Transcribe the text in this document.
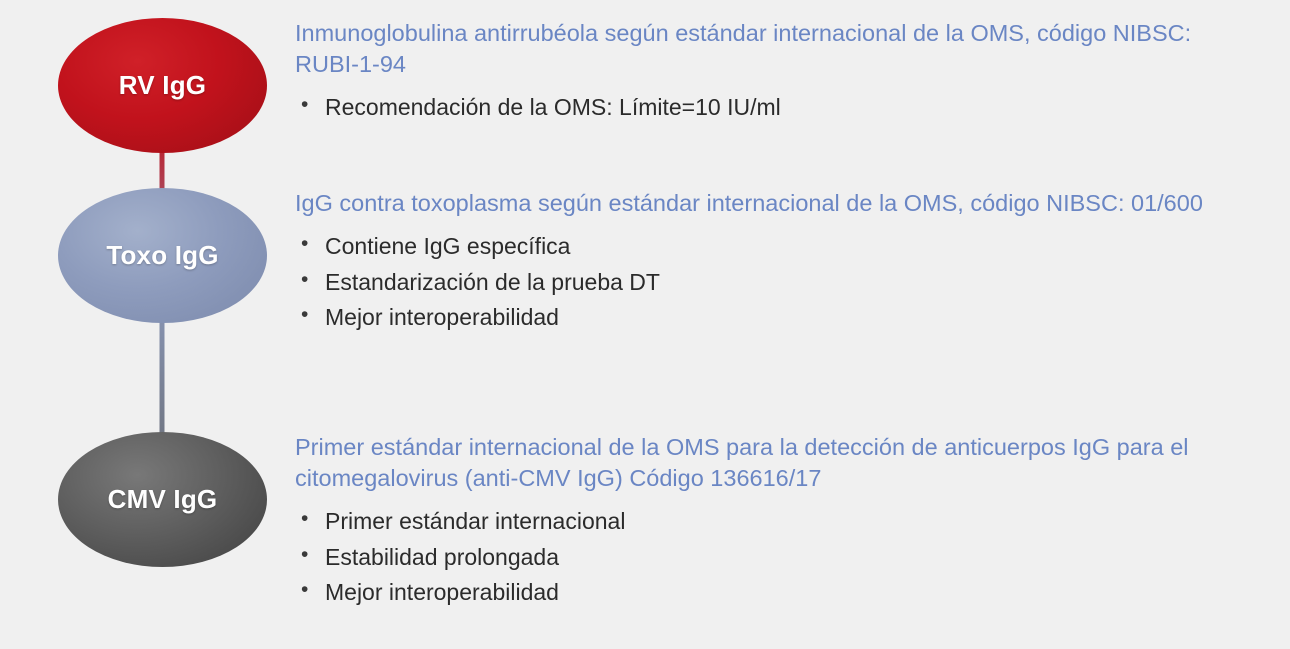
RV IgG

Inmunoglobulina antirrubéola según estándar internacional de la OMS, código NIBSC: RUBI-1-94

• Recomendación de la OMS: Límite=10 IU/ml
Toxo IgG

IgG contra toxoplasma según estándar internacional de la OMS, código NIBSC: 01/600

• Contiene IgG específica
• Estandarización de la prueba DT
• Mejor interoperabilidad
CMV IgG

Primer estándar internacional de la OMS para la detección de anticuerpos IgG para el citomegalovirus (anti-CMV IgG) Código 136616/17

• Primer estándar internacional
• Estabilidad prolongada
• Mejor interoperabilidad
